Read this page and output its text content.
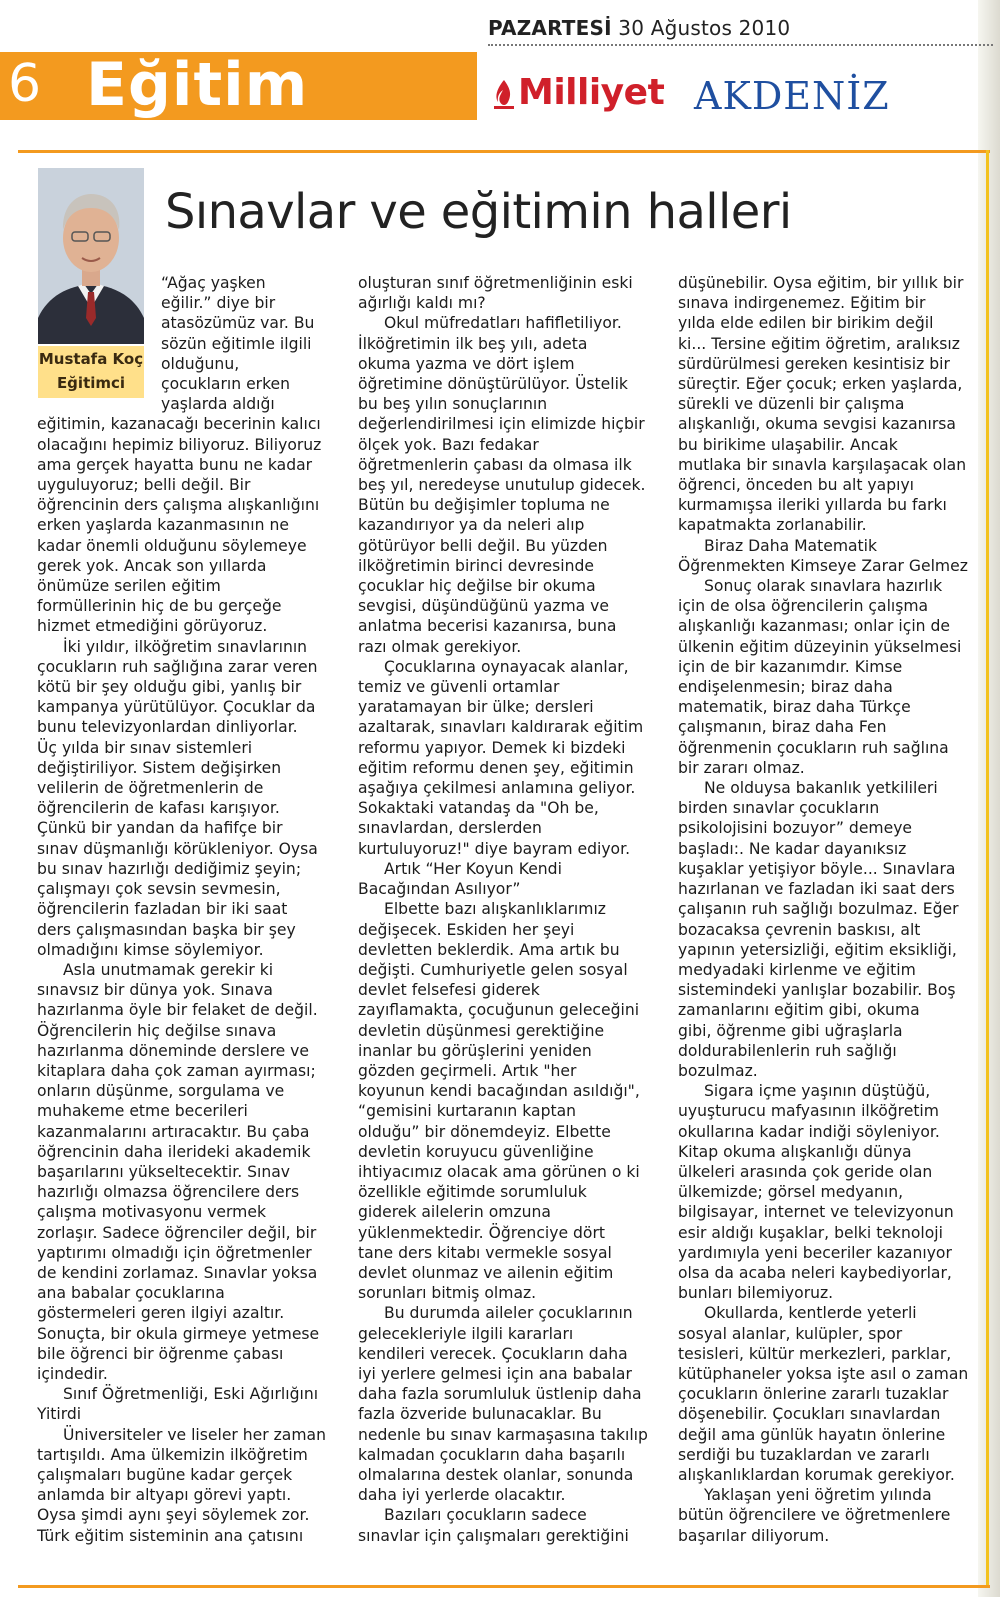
PAZARTESİ 30 Ağustos 2010
6 Eğitim	Milliyet AKDENİZ
Mustafa Koç
Eğitimci
Sınavlar ve eğitimin halleri
“Ağaç yaşken
eğilir.” diye bir
atasözümüz var. Bu
sözün eğitimle ilgili
olduğunu,
çocukların erken
yaşlarda aldığı
eğitimin, kazanacağı becerinin kalıcı
olacağını hepimiz biliyoruz. Biliyoruz
ama gerçek hayatta bunu ne kadar
uyguluyoruz; belli değil. Bir
öğrencinin ders çalışma alışkanlığını
erken yaşlarda kazanmasının ne
kadar önemli olduğunu söylemeye
gerek yok. Ancak son yıllarda
önümüze serilen eğitim
formüllerinin hiç de bu gerçeğe
hizmet etmediğini görüyoruz.
İki yıldır, ilköğretim sınavlarının
çocukların ruh sağlığına zarar veren
kötü bir şey olduğu gibi, yanlış bir
kampanya yürütülüyor. Çocuklar da
bunu televizyonlardan dinliyorlar.
Üç yılda bir sınav sistemleri
değiştiriliyor. Sistem değişirken
velilerin de öğretmenlerin de
öğrencilerin de kafası karışıyor.
Çünkü bir yandan da hafifçe bir
sınav düşmanlığı körükleniyor. Oysa
bu sınav hazırlığı dediğimiz şeyin;
çalışmayı çok sevsin sevmesin,
öğrencilerin fazladan bir iki saat
ders çalışmasından başka bir şey
olmadığını kimse söylemiyor.
Asla unutmamak gerekir ki
sınavsız bir dünya yok. Sınava
hazırlanma öyle bir felaket de değil.
Öğrencilerin hiç değilse sınava
hazırlanma döneminde derslere ve
kitaplara daha çok zaman ayırması;
onların düşünme, sorgulama ve
muhakeme etme becerileri
kazanmalarını artıracaktır. Bu çaba
öğrencinin daha ilerideki akademik
başarılarını yükseltecektir. Sınav
hazırlığı olmazsa öğrencilere ders
çalışma motivasyonu vermek
zorlaşır. Sadece öğrenciler değil, bir
yaptırımı olmadığı için öğretmenler
de kendini zorlamaz. Sınavlar yoksa
ana babalar çocuklarına
göstermeleri geren ilgiyi azaltır.
Sonuçta, bir okula girmeye yetmese
bile öğrenci bir öğrenme çabası
içindedir.
Sınıf Öğretmenliği, Eski Ağırlığını
Yitirdi
Üniversiteler ve liseler her zaman
tartışıldı. Ama ülkemizin ilköğretim
çalışmaları bugüne kadar gerçek
anlamda bir altyapı görevi yaptı.
Oysa şimdi aynı şeyi söylemek zor.
Türk eğitim sisteminin ana çatısını
oluşturan sınıf öğretmenliğinin eski
ağırlığı kaldı mı?
Okul müfredatları hafifletiliyor.
İlköğretimin ilk beş yılı, adeta
okuma yazma ve dört işlem
öğretimine dönüştürülüyor. Üstelik
bu beş yılın sonuçlarının
değerlendirilmesi için elimizde hiçbir
ölçek yok. Bazı fedakar
öğretmenlerin çabası da olmasa ilk
beş yıl, neredeyse unutulup gidecek.
Bütün bu değişimler topluma ne
kazandırıyor ya da neleri alıp
götürüyor belli değil. Bu yüzden
ilköğretimin birinci devresinde
çocuklar hiç değilse bir okuma
sevgisi, düşündüğünü yazma ve
anlatma becerisi kazanırsa, buna
razı olmak gerekiyor.
Çocuklarına oynayacak alanlar,
temiz ve güvenli ortamlar
yaratamayan bir ülke; dersleri
azaltarak, sınavları kaldırarak eğitim
reformu yapıyor. Demek ki bizdeki
eğitim reformu denen şey, eğitimin
aşağıya çekilmesi anlamına geliyor.
Sokaktaki vatandaş da "Oh be,
sınavlardan, derslerden
kurtuluyoruz!" diye bayram ediyor.
Artık “Her Koyun Kendi
Bacağından Asılıyor”
Elbette bazı alışkanlıklarımız
değişecek. Eskiden her şeyi
devletten beklerdik. Ama artık bu
değişti. Cumhuriyetle gelen sosyal
devlet felsefesi giderek
zayıflamakta, çocuğunun geleceğini
devletin düşünmesi gerektiğine
inanlar bu görüşlerini yeniden
gözden geçirmeli. Artık "her
koyunun kendi bacağından asıldığı",
“gemisini kurtaranın kaptan
olduğu” bir dönemdeyiz. Elbette
devletin koruyucu güvenliğine
ihtiyacımız olacak ama görünen o ki
özellikle eğitimde sorumluluk
giderek ailelerin omzuna
yüklenmektedir. Öğrenciye dört
tane ders kitabı vermekle sosyal
devlet olunmaz ve ailenin eğitim
sorunları bitmiş olmaz.
Bu durumda aileler çocuklarının
gelecekleriyle ilgili kararları
kendileri verecek. Çocukların daha
iyi yerlere gelmesi için ana babalar
daha fazla sorumluluk üstlenip daha
fazla özveride bulunacaklar. Bu
nedenle bu sınav karmaşasına takılıp
kalmadan çocukların daha başarılı
olmalarına destek olanlar, sonunda
daha iyi yerlerde olacaktır.
Bazıları çocukların sadece
sınavlar için çalışmaları gerektiğini
düşünebilir. Oysa eğitim, bir yıllık bir
sınava indirgenemez. Eğitim bir
yılda elde edilen bir birikim değil
ki... Tersine eğitim öğretim, aralıksız
sürdürülmesi gereken kesintisiz bir
süreçtir. Eğer çocuk; erken yaşlarda,
sürekli ve düzenli bir çalışma
alışkanlığı, okuma sevgisi kazanırsa
bu birikime ulaşabilir. Ancak
mutlaka bir sınavla karşılaşacak olan
öğrenci, önceden bu alt yapıyı
kurmamışsa ileriki yıllarda bu farkı
kapatmakta zorlanabilir.
Biraz Daha Matematik
Öğrenmekten Kimseye Zarar Gelmez
Sonuç olarak sınavlara hazırlık
için de olsa öğrencilerin çalışma
alışkanlığı kazanması; onlar için de
ülkenin eğitim düzeyinin yükselmesi
için de bir kazanımdır. Kimse
endişelenmesin; biraz daha
matematik, biraz daha Türkçe
çalışmanın, biraz daha Fen
öğrenmenin çocukların ruh sağlına
bir zararı olmaz.
Ne olduysa bakanlık yetkilileri
birden sınavlar çocukların
psikolojisini bozuyor” demeye
başladı:. Ne kadar dayanıksız
kuşaklar yetişiyor böyle... Sınavlara
hazırlanan ve fazladan iki saat ders
çalışanın ruh sağlığı bozulmaz. Eğer
bozacaksa çevrenin baskısı, alt
yapının yetersizliği, eğitim eksikliği,
medyadaki kirlenme ve eğitim
sistemindeki yanlışlar bozabilir. Boş
zamanlarını eğitim gibi, okuma
gibi, öğrenme gibi uğraşlarla
doldurabilenlerin ruh sağlığı
bozulmaz.
Sigara içme yaşının düştüğü,
uyuşturucu mafyasının ilköğretim
okullarına kadar indiği söyleniyor.
Kitap okuma alışkanlığı dünya
ülkeleri arasında çok geride olan
ülkemizde; görsel medyanın,
bilgisayar, internet ve televizyonun
esir aldığı kuşaklar, belki teknoloji
yardımıyla yeni beceriler kazanıyor
olsa da acaba neleri kaybediyorlar,
bunları bilemiyoruz.
Okullarda, kentlerde yeterli
sosyal alanlar, kulüpler, spor
tesisleri, kültür merkezleri, parklar,
kütüphaneler yoksa işte asıl o zaman
çocukların önlerine zararlı tuzaklar
döşenebilir. Çocukları sınavlardan
değil ama günlük hayatın önlerine
serdiği bu tuzaklardan ve zararlı
alışkanlıklardan korumak gerekiyor.
Yaklaşan yeni öğretim yılında
bütün öğrencilere ve öğretmenlere
başarılar diliyorum.
